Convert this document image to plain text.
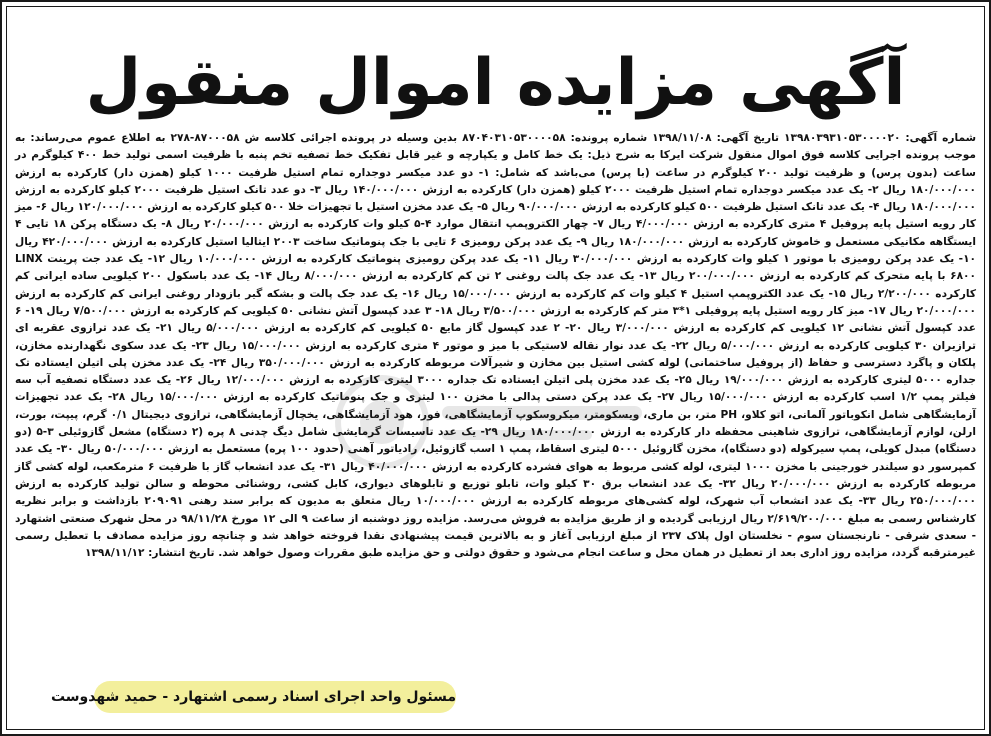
آگهی مزایده اموال منقول

شماره آگهی: ۱۳۹۸۰۳۹۳۱۰۵۳۰۰۰۰۲۰ تاریخ آگهی: ۱۳۹۸/۱۱/۰۸ شماره پرونده: ۸۷۰۴۰۳۱۰۵۳۰۰۰۰۵۸ بدین وسیله در پرونده اجرائی کلاسه ش ۸۷۰۰۰۵۸-۲۷۸ به اطلاع عموم می‌رساند: به موجب پرونده اجرایی کلاسه فوق اموال منقول شرکت ایرکا به شرح ذیل: یک خط کامل و یکپارچه و غیر قابل تفکیک خط تصفیه تخم پنبه با ظرفیت اسمی تولید خط ۴۰۰ کیلوگرم در ساعت (بدون پرس) و ظرفیت تولید ۲۰۰ کیلوگرم در ساعت (با پرس) می‌باشد که شامل: ۱- دو عدد میکسر دوجداره تمام استیل ظرفیت ۱۰۰۰ کیلو (همزن دار) کارکرده به ارزش ۱۸۰/۰۰۰/۰۰۰ ریال ۲- یک عدد میکسر دوجداره تمام استیل ظرفیت ۲۰۰۰ کیلو (همزن دار) کارکرده به ارزش ۱۴۰/۰۰۰/۰۰۰ ریال ۳- دو عدد تانک استیل ظرفیت ۲۰۰۰ کیلو کارکرده به ارزش ۱۸۰/۰۰۰/۰۰۰ ریال ۴- یک عدد تانک استیل ظرفیت ۵۰۰ کیلو کارکرده به ارزش ۹۰/۰۰۰/۰۰۰ ریال ۵- یک عدد مخزن استیل با تجهیزات خلا ۵۰۰ کیلو کارکرده به ارزش ۱۲۰/۰۰۰/۰۰۰ ریال ۶- میز کار رویه استیل پایه پروفیل ۴ متری کارکرده به ارزش ۴/۰۰۰/۰۰۰ ریال ۷- چهار الکتروپمپ انتقال موارد ۴-۵ کیلو وات کارکرده به ارزش ۲۰/۰۰۰/۰۰۰ ریال ۸- یک دستگاه پرکن ۱۸ تایی ۴ ایستگاهه مکانیکی مستعمل و خاموش کارکرده به ارزش ۱۸۰/۰۰۰/۰۰۰ ریال ۹- یک عدد پرکن رومیزی ۶ تایی با جک پنوماتیک ساخت ۲۰۰۳ ایتالیا استیل کارکرده به ارزش ۴۲۰/۰۰۰/۰۰۰ ریال ۱۰- یک عدد پرکن رومیزی با موتور ۱ کیلو وات کارکرده به ارزش ۳۰/۰۰۰/۰۰۰ ریال ۱۱- یک عدد پرکن رومیزی پنوماتیک کارکرده به ارزش ۱۰/۰۰۰/۰۰۰ ریال ۱۲- یک عدد جت پرینت LINX ۶۸۰۰ با پایه متحرک کم کارکرده به ارزش ۲۰۰/۰۰۰/۰۰۰ ریال ۱۳- یک عدد جک پالت روغنی ۲ تن کم کارکرده به ارزش ۸/۰۰۰/۰۰۰ ریال ۱۴- یک عدد باسکول ۲۰۰ کیلویی ساده ایرانی کم کارکرده ۲/۲۰۰/۰۰۰ ریال ۱۵- یک عدد الکتروپمپ استیل ۴ کیلو وات کم کارکرده به ارزش ۱۵/۰۰۰/۰۰۰ ریال ۱۶- یک عدد جک پالت و بشکه گیر بازودار روغنی ایرانی کم کارکرده به ارزش ۲۰/۰۰۰/۰۰۰ ریال ۱۷- میز کار رویه استیل پایه پروفیلی ۱*۳ متر کم کارکرده به ارزش ۳/۵۰۰/۰۰۰ ریال ۱۸- ۳ عدد کپسول آتش نشانی ۵۰ کیلویی کم کارکرده به ارزش ۷/۵۰۰/۰۰۰ ریال ۱۹- ۶ عدد کپسول آتش نشانی ۱۲ کیلویی کم کارکرده به ارزش ۳/۰۰۰/۰۰۰ ریال ۲۰- ۲ عدد کپسول گاز مایع ۵۰ کیلویی کم کارکرده به ارزش ۵/۰۰۰/۰۰۰ ریال ۲۱- یک عدد ترازوی عقربه ای ترازیران ۳۰ کیلویی کارکرده به ارزش ۵/۰۰۰/۰۰۰ ریال ۲۲- یک عدد نوار نقاله لاستیکی با میز و موتور ۴ متری کارکرده به ارزش ۱۵/۰۰۰/۰۰۰ ریال ۲۳- یک عدد سکوی نگهدارنده مخازن، پلکان و پاگرد دسترسی و حفاظ (از پروفیل ساختمانی) لوله کشی استیل بین مخازن و شیرآلات مربوطه کارکرده به ارزش ۳۵۰/۰۰۰/۰۰۰ ریال ۲۴- یک عدد مخزن پلی اتیلن ایستاده تک جداره ۵۰۰۰ لیتری کارکرده به ارزش ۱۹/۰۰۰/۰۰۰ ریال ۲۵- یک عدد مخزن پلی اتیلن ایستاده تک جداره ۳۰۰۰ لیتری کارکرده به ارزش ۱۲/۰۰۰/۰۰۰ ریال ۲۶- یک عدد دستگاه تصفیه آب سه فیلتر پمپ ۱/۲ اسب کارکرده به ارزش ۱۵/۰۰۰/۰۰۰ ریال ۲۷- یک عدد پرکن دستی پدالی با مخزن ۱۰۰ لیتری و جک پنوماتیک کارکرده به ارزش ۱۵/۰۰۰/۰۰۰ ریال ۲۸- یک عدد تجهیزات آزمایشگاهی شامل انکوباتور آلمانی، اتو کلاو، PH متر، بن ماری، ویسکومتر، میکروسکوپ آزمایشگاهی، فور، هود آزمایشگاهی، یخچال آزمایشگاهی، ترازوی دیجیتال ۰/۱ گرم، پیپت، بورت، ارلن، لوازم آزمایشگاهی، ترازوی شاهینی محفظه دار کارکرده به ارزش ۱۸۰/۰۰۰/۰۰۰ ریال ۲۹- یک عدد تاسیسات گرمایشی شامل دیگ چدنی ۸ پره (۲ دستگاه) مشعل گازوئیلی ۳-۵ (دو دستگاه) مبدل کویلی، پمپ سیرکوله (دو دستگاه)، مخزن گازوئیل ۵۰۰۰ لیتری اسقاط، پمپ ۱ اسب گازوئیل، رادیاتور آهنی (حدود ۱۰۰ پره) مستعمل به ارزش ۵۰/۰۰۰/۰۰۰ ریال ۳۰- یک عدد کمپرسور دو سیلندر خورجینی با مخزن ۱۰۰۰ لیتری، لوله کشی مربوط به هوای فشرده کارکرده به ارزش ۴۰/۰۰۰/۰۰۰ ریال ۳۱- یک عدد انشعاب گاز با ظرفیت ۶ مترمکعب، لوله کشی گاز مربوطه کارکرده به ارزش ۲۰/۰۰۰/۰۰۰ ریال ۳۲- یک عدد انشعاب برق ۳۰ کیلو وات، تابلو توزیع و تابلوهای دیواری، کابل کشی، روشنائی محوطه و سالن تولید کارکرده به ارزش ۲۵۰/۰۰۰/۰۰۰ ریال ۳۳- یک عدد انشعاب آب شهرک، لوله کشی‌های مربوطه کارکرده به ارزش ۱۰/۰۰۰/۰۰۰ ریال متعلق به مدیون که برابر سند رهنی ۲۰۹۰۹۱ بازداشت و برابر نظریه کارشناس رسمی به مبلغ ۲/۶۱۹/۲۰۰/۰۰۰ ریال ارزیابی گردیده و از طریق مزایده به فروش می‌رسد. مزایده روز دوشنبه از ساعت ۹ الی ۱۲ مورخ ۹۸/۱۱/۲۸ در محل شهرک صنعتی اشتهارد - سعدی شرقی - نارنجستان سوم - نخلستان اول پلاک ۲۳۷ از مبلغ ارزیابی آغاز و به بالاترین قیمت پیشنهادی نقدا فروخته خواهد شد و چنانچه روز مزایده مصادف با تعطیل رسمی غیرمترقبه گردد، مزایده روز اداری بعد از تعطیل در همان محل و ساعت انجام می‌شود و حقوق دولتی و حق مزایده طبق مقررات وصول خواهد شد. تاریخ انتشار: ۱۳۹۸/۱۱/۱۲

مسئول واحد اجرای اسناد رسمی اشتهارد - حمید شهدوست
